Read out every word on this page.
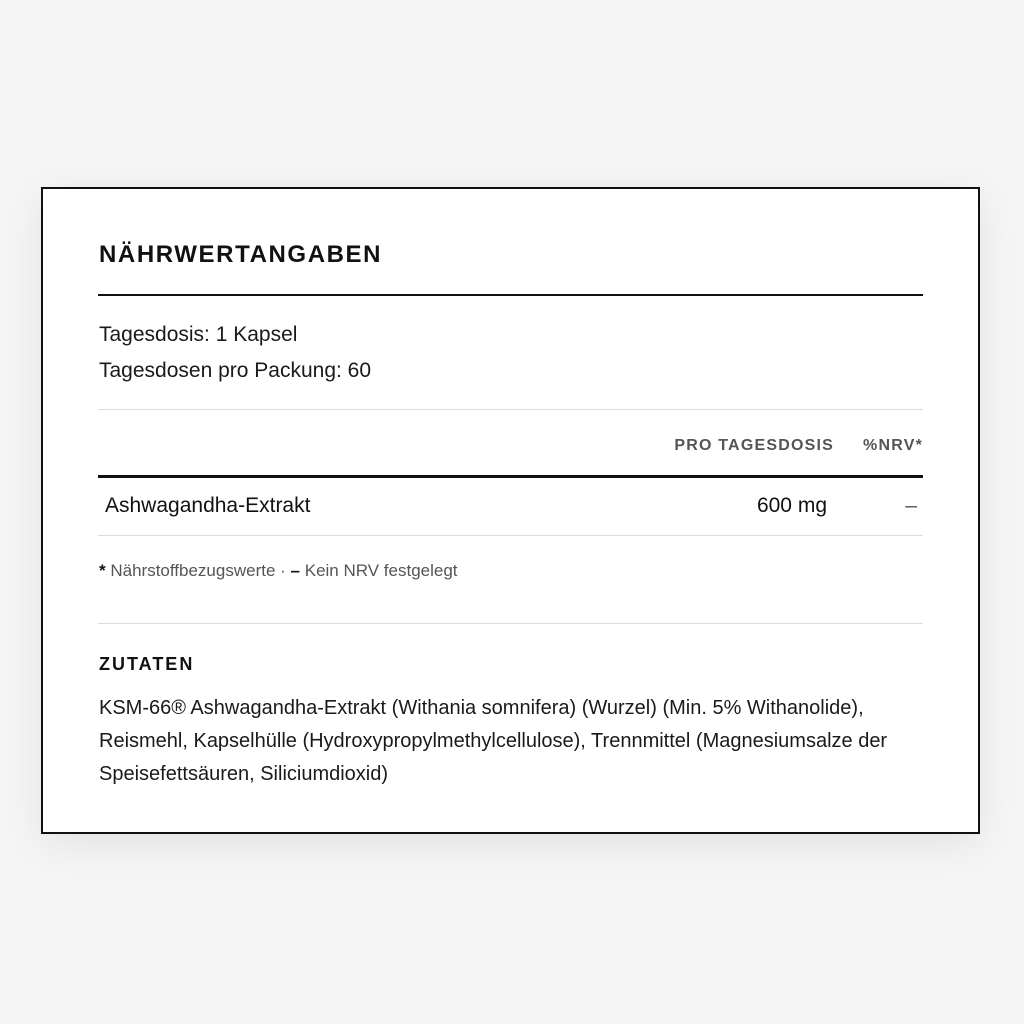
NÄHRWERTANGABEN
Tagesdosis: 1 Kapsel
Tagesdosen pro Packung: 60
PRO TAGESDOSIS %NRV*
Ashwagandha-Extrakt	600 mg	–
* Nährstoffbezugswerte · – Kein NRV festgelegt
ZUTATEN
KSM-66® Ashwagandha-Extrakt (Withania somnifera) (Wurzel) (Min. 5% Withanolide), Reismehl, Kapselhülle (Hydroxypropylmethylcellulose), Trennmittel (Magnesiumsalze der Speisefettsäuren, Siliciumdioxid)
